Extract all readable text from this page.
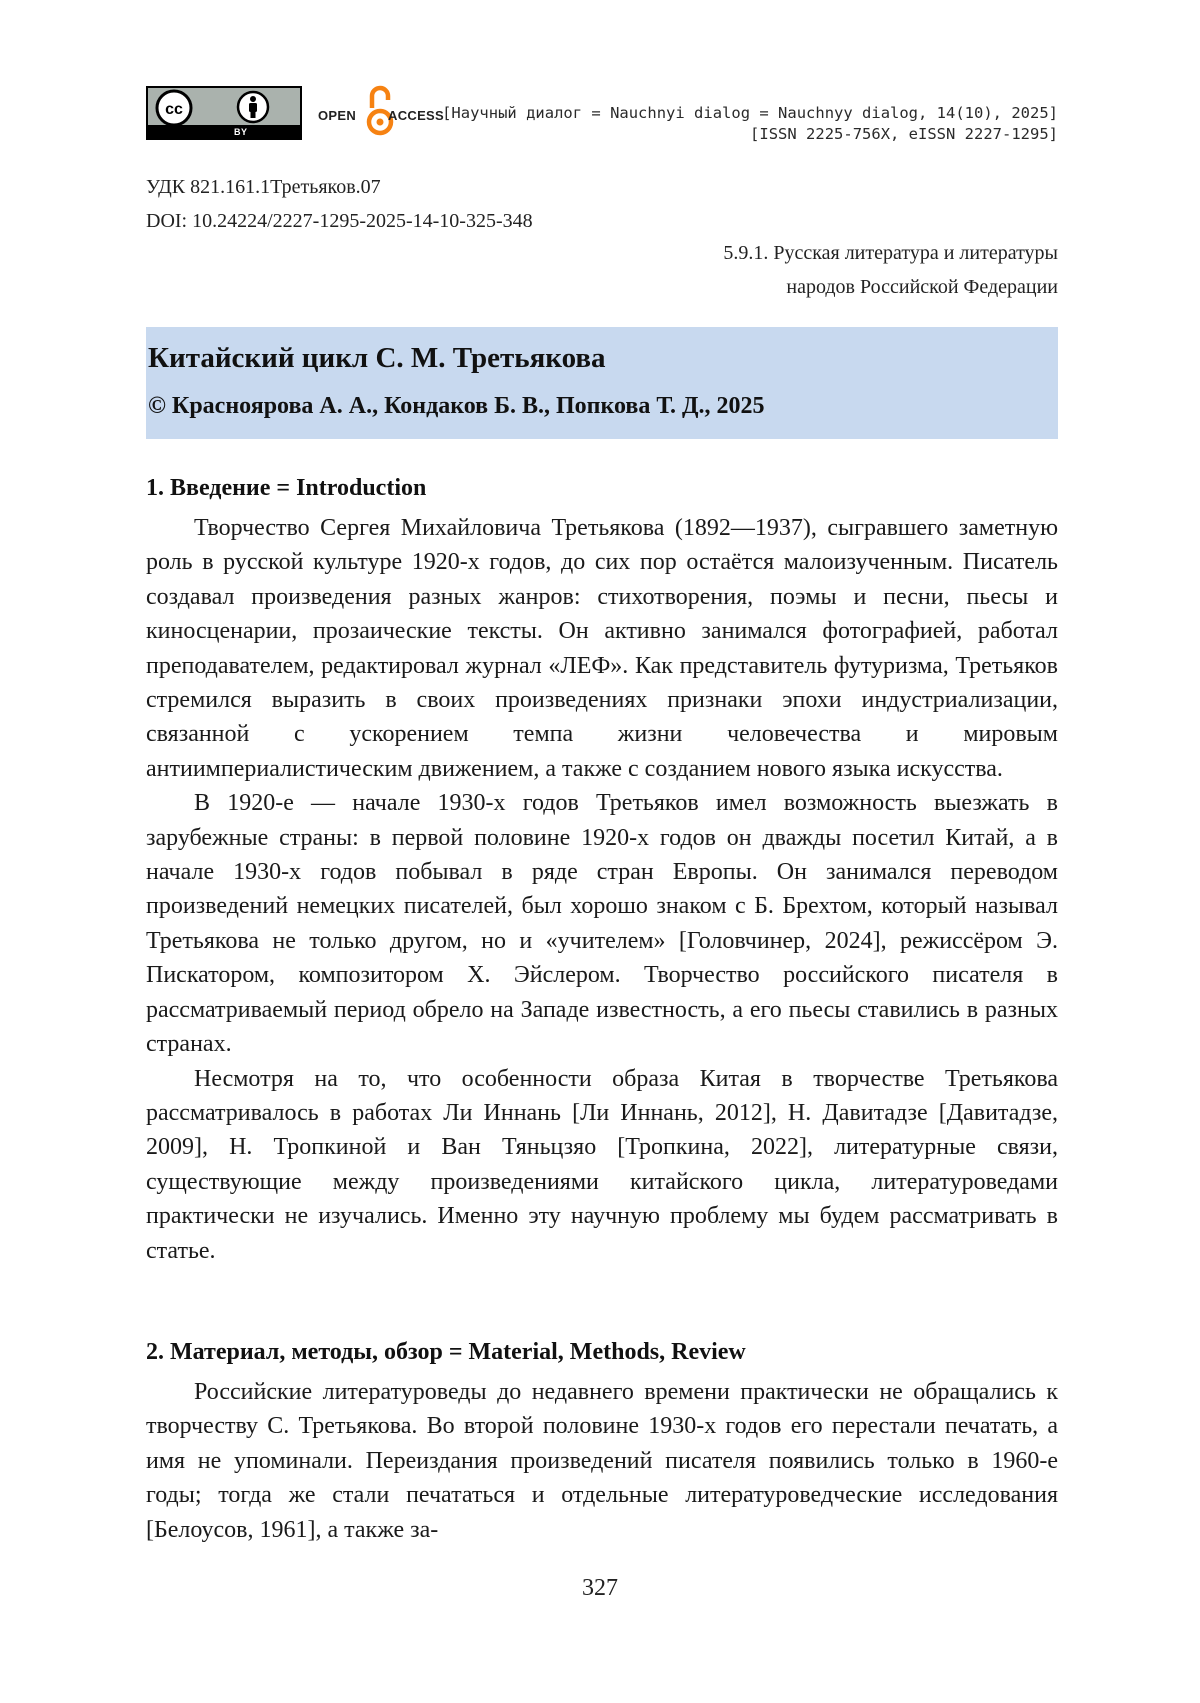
cc
BY
OPEN ACCESS
[Научный диалог = Nauchnyi dialog = Nauchnyy dialog, 14(10), 2025]
[ISSN 2225-756X, eISSN 2227-1295]
УДК 821.161.1Третьяков.07
DOI: 10.24224/2227-1295-2025-14-10-325-348
5.9.1. Русская литература и литературы
народов Российской Федерации
Китайский цикл С. М. Третьякова
© Красноярова А. А., Кондаков Б. В., Попкова Т. Д., 2025
1. Введение = Introduction

Творчество Сергея Михайловича Третьякова (1892—1937), сыгравшего заметную роль в русской культуре 1920-х годов, до сих пор остаётся малоизученным. Писатель создавал произведения разных жанров: стихотворения, поэмы и песни, пьесы и киносценарии, прозаические тексты. Он активно занимался фотографией, работал преподавателем, редактировал журнал «ЛЕФ». Как представитель футуризма, Третьяков стремился выразить в своих произведениях признаки эпохи индустриализации, связанной с ускорением темпа жизни человечества и мировым антиимпериалистическим движением, а также с созданием нового языка искусства.

В 1920-е — начале 1930-х годов Третьяков имел возможность выезжать в зарубежные страны: в первой половине 1920-х годов он дважды посетил Китай, а в начале 1930-х годов побывал в ряде стран Европы. Он занимался переводом произведений немецких писателей, был хорошо знаком с Б. Брехтом, который называл Третьякова не только другом, но и «учителем» [Головчинер, 2024], режиссёром Э. Пискатором, композитором Х. Эйслером. Творчество российского писателя в рассматриваемый период обрело на Западе известность, а его пьесы ставились в разных странах.

Несмотря на то, что особенности образа Китая в творчестве Третьякова рассматривалось в работах Ли Иннань [Ли Иннань, 2012], Н. Давитадзе [Давитадзе, 2009], Н. Тропкиной и Ван Тяньцзяо [Тропкина, 2022], литературные связи, существующие между произведениями китайского цикла, литературоведами практически не изучались. Именно эту научную проблему мы будем рассматривать в статье.

2. Материал, методы, обзор = Material, Methods, Review

Российские литературоведы до недавнего времени практически не обращались к творчеству С. Третьякова. Во второй половине 1930-х годов его перестали печатать, а имя не упоминали. Переиздания произведений писателя появились только в 1960-е годы; тогда же стали печататься и отдельные литературоведческие исследования [Белоусов, 1961], а также за-

327
